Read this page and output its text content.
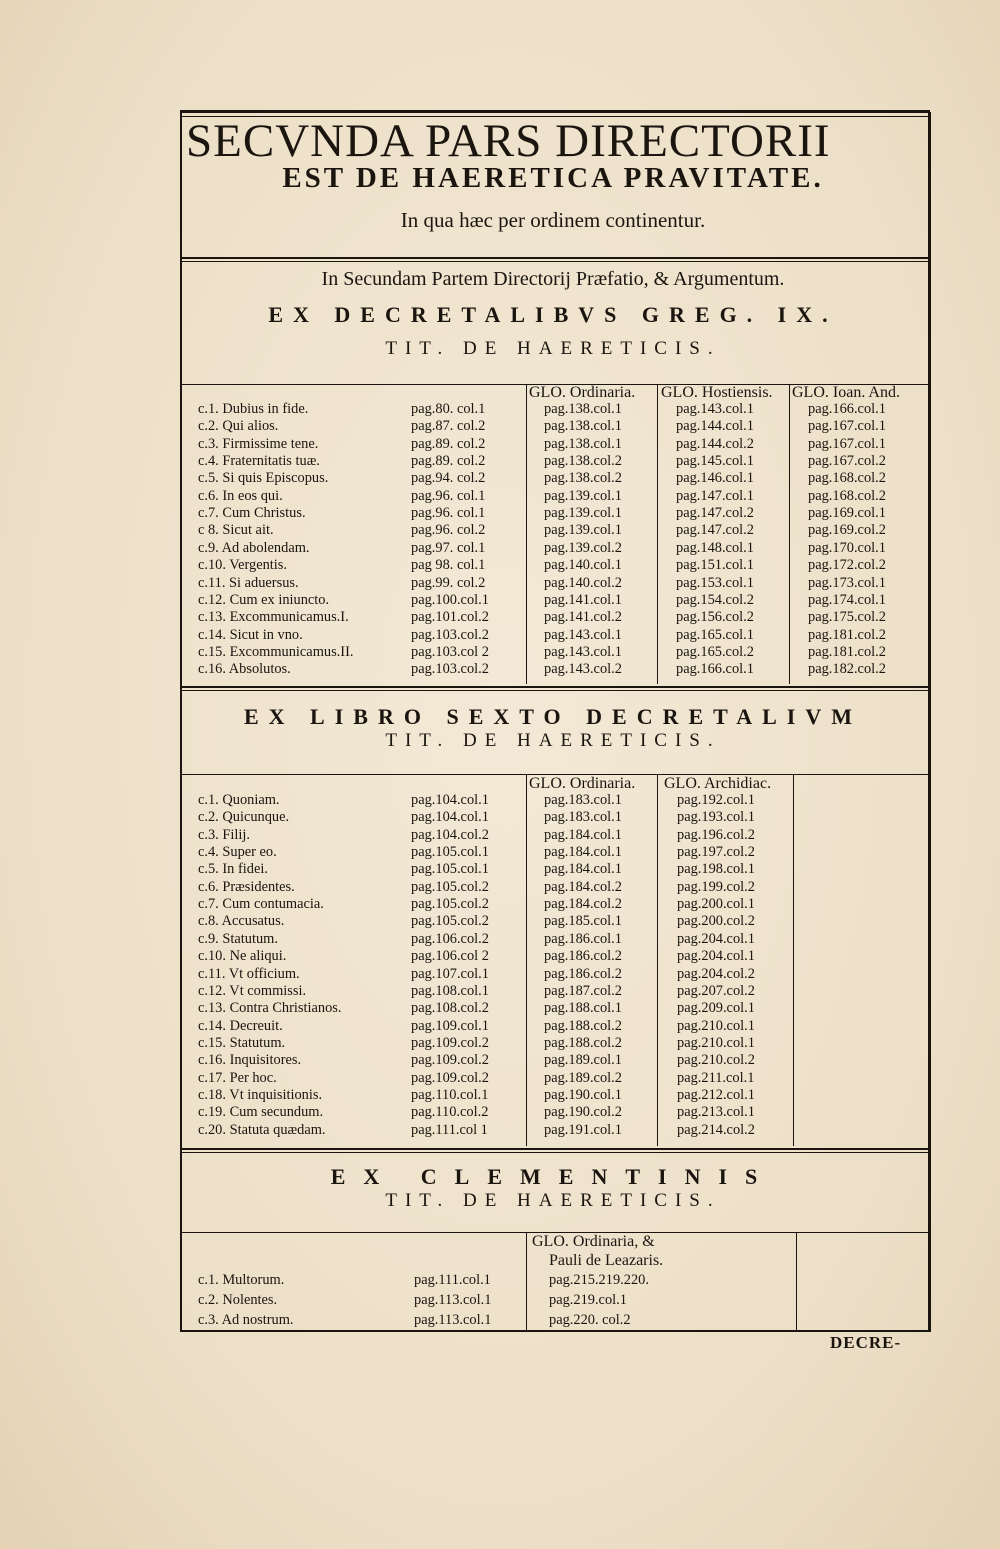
SECVNDA PARS DIRECTORII
EST DE HAERETICA PRAVITATE.
In qua hæc per ordinem continentur.
In Secundam Partem Directorij Præfatio, & Argumentum.
EX DECRETALIBVS GREG. IX.
TIT. DE HAERETICIS.
GLO. Ordinaria. GLO. Hostiensis. GLO. Ioan. And.
c.1. Dubius in fide.	pag.80. col.1	pag.138.col.1	pag.143.col.1	pag.166.col.1
c.2. Qui alios.	pag.87. col.2	pag.138.col.1	pag.144.col.1	pag.167.col.1
c.3. Firmissime tene.	pag.89. col.2	pag.138.col.1	pag.144.col.2	pag.167.col.1
c.4. Fraternitatis tuæ.	pag.89. col.2	pag.138.col.2	pag.145.col.1	pag.167.col.2
c.5. Si quis Episcopus.	pag.94. col.2	pag.138.col.2	pag.146.col.1	pag.168.col.2
c.6. In eos qui.	pag.96. col.1	pag.139.col.1	pag.147.col.1	pag.168.col.2
c.7. Cum Christus.	pag.96. col.1	pag.139.col.1	pag.147.col.2	pag.169.col.1
c 8. Sicut ait.	pag.96. col.2	pag.139.col.1	pag.147.col.2	pag.169.col.2
c.9. Ad abolendam.	pag.97. col.1	pag.139.col.2	pag.148.col.1	pag.170.col.1
c.10. Vergentis.	pag 98. col.1	pag.140.col.1	pag.151.col.1	pag.172.col.2
c.11. Si aduersus.	pag.99. col.2	pag.140.col.2	pag.153.col.1	pag.173.col.1
c.12. Cum ex iniuncto.	pag.100.col.1	pag.141.col.1	pag.154.col.2	pag.174.col.1
c.13. Excommunicamus.I.	pag.101.col.2	pag.141.col.2	pag.156.col.2	pag.175.col.2
c.14. Sicut in vno.	pag.103.col.2	pag.143.col.1	pag.165.col.1	pag.181.col.2
c.15. Excommunicamus.II.	pag.103.col 2	pag.143.col.1	pag.165.col.2	pag.181.col.2
c.16. Absolutos.	pag.103.col.2	pag.143.col.2	pag.166.col.1	pag.182.col.2
EX LIBRO SEXTO DECRETALIVM
TIT. DE HAERETICIS.
GLO. Ordinaria. GLO. Archidiac.
c.1. Quoniam.	pag.104.col.1	pag.183.col.1	pag.192.col.1
c.2. Quicunque.	pag.104.col.1	pag.183.col.1	pag.193.col.1
c.3. Filij.	pag.104.col.2	pag.184.col.1	pag.196.col.2
c.4. Super eo.	pag.105.col.1	pag.184.col.1	pag.197.col.2
c.5. In fidei.	pag.105.col.1	pag.184.col.1	pag.198.col.1
c.6. Præsidentes.	pag.105.col.2	pag.184.col.2	pag.199.col.2
c.7. Cum contumacia.	pag.105.col.2	pag.184.col.2	pag.200.col.1
c.8. Accusatus.	pag.105.col.2	pag.185.col.1	pag.200.col.2
c.9. Statutum.	pag.106.col.2	pag.186.col.1	pag.204.col.1
c.10. Ne aliqui.	pag.106.col 2	pag.186.col.2	pag.204.col.1
c.11. Vt officium.	pag.107.col.1	pag.186.col.2	pag.204.col.2
c.12. Vt commissi.	pag.108.col.1	pag.187.col.2	pag.207.col.2
c.13. Contra Christianos.	pag.108.col.2	pag.188.col.1	pag.209.col.1
c.14. Decreuit.	pag.109.col.1	pag.188.col.2	pag.210.col.1
c.15. Statutum.	pag.109.col.2	pag.188.col.2	pag.210.col.1
c.16. Inquisitores.	pag.109.col.2	pag.189.col.1	pag.210.col.2
c.17. Per hoc.	pag.109.col.2	pag.189.col.2	pag.211.col.1
c.18. Vt inquisitionis.	pag.110.col.1	pag.190.col.1	pag.212.col.1
c.19. Cum secundum.	pag.110.col.2	pag.190.col.2	pag.213.col.1
c.20. Statuta quædam.	pag.111.col 1	pag.191.col.1	pag.214.col.2
EX CLEMENTINIS
TIT. DE HAERETICIS.
GLO. Ordinaria, &
Pauli de Leazaris.
c.1. Multorum.	pag.111.col.1	pag.215.219.220.
c.2. Nolentes.	pag.113.col.1	pag.219.col.1
c.3. Ad nostrum.	pag.113.col.1	pag.220. col.2
DECRE-
